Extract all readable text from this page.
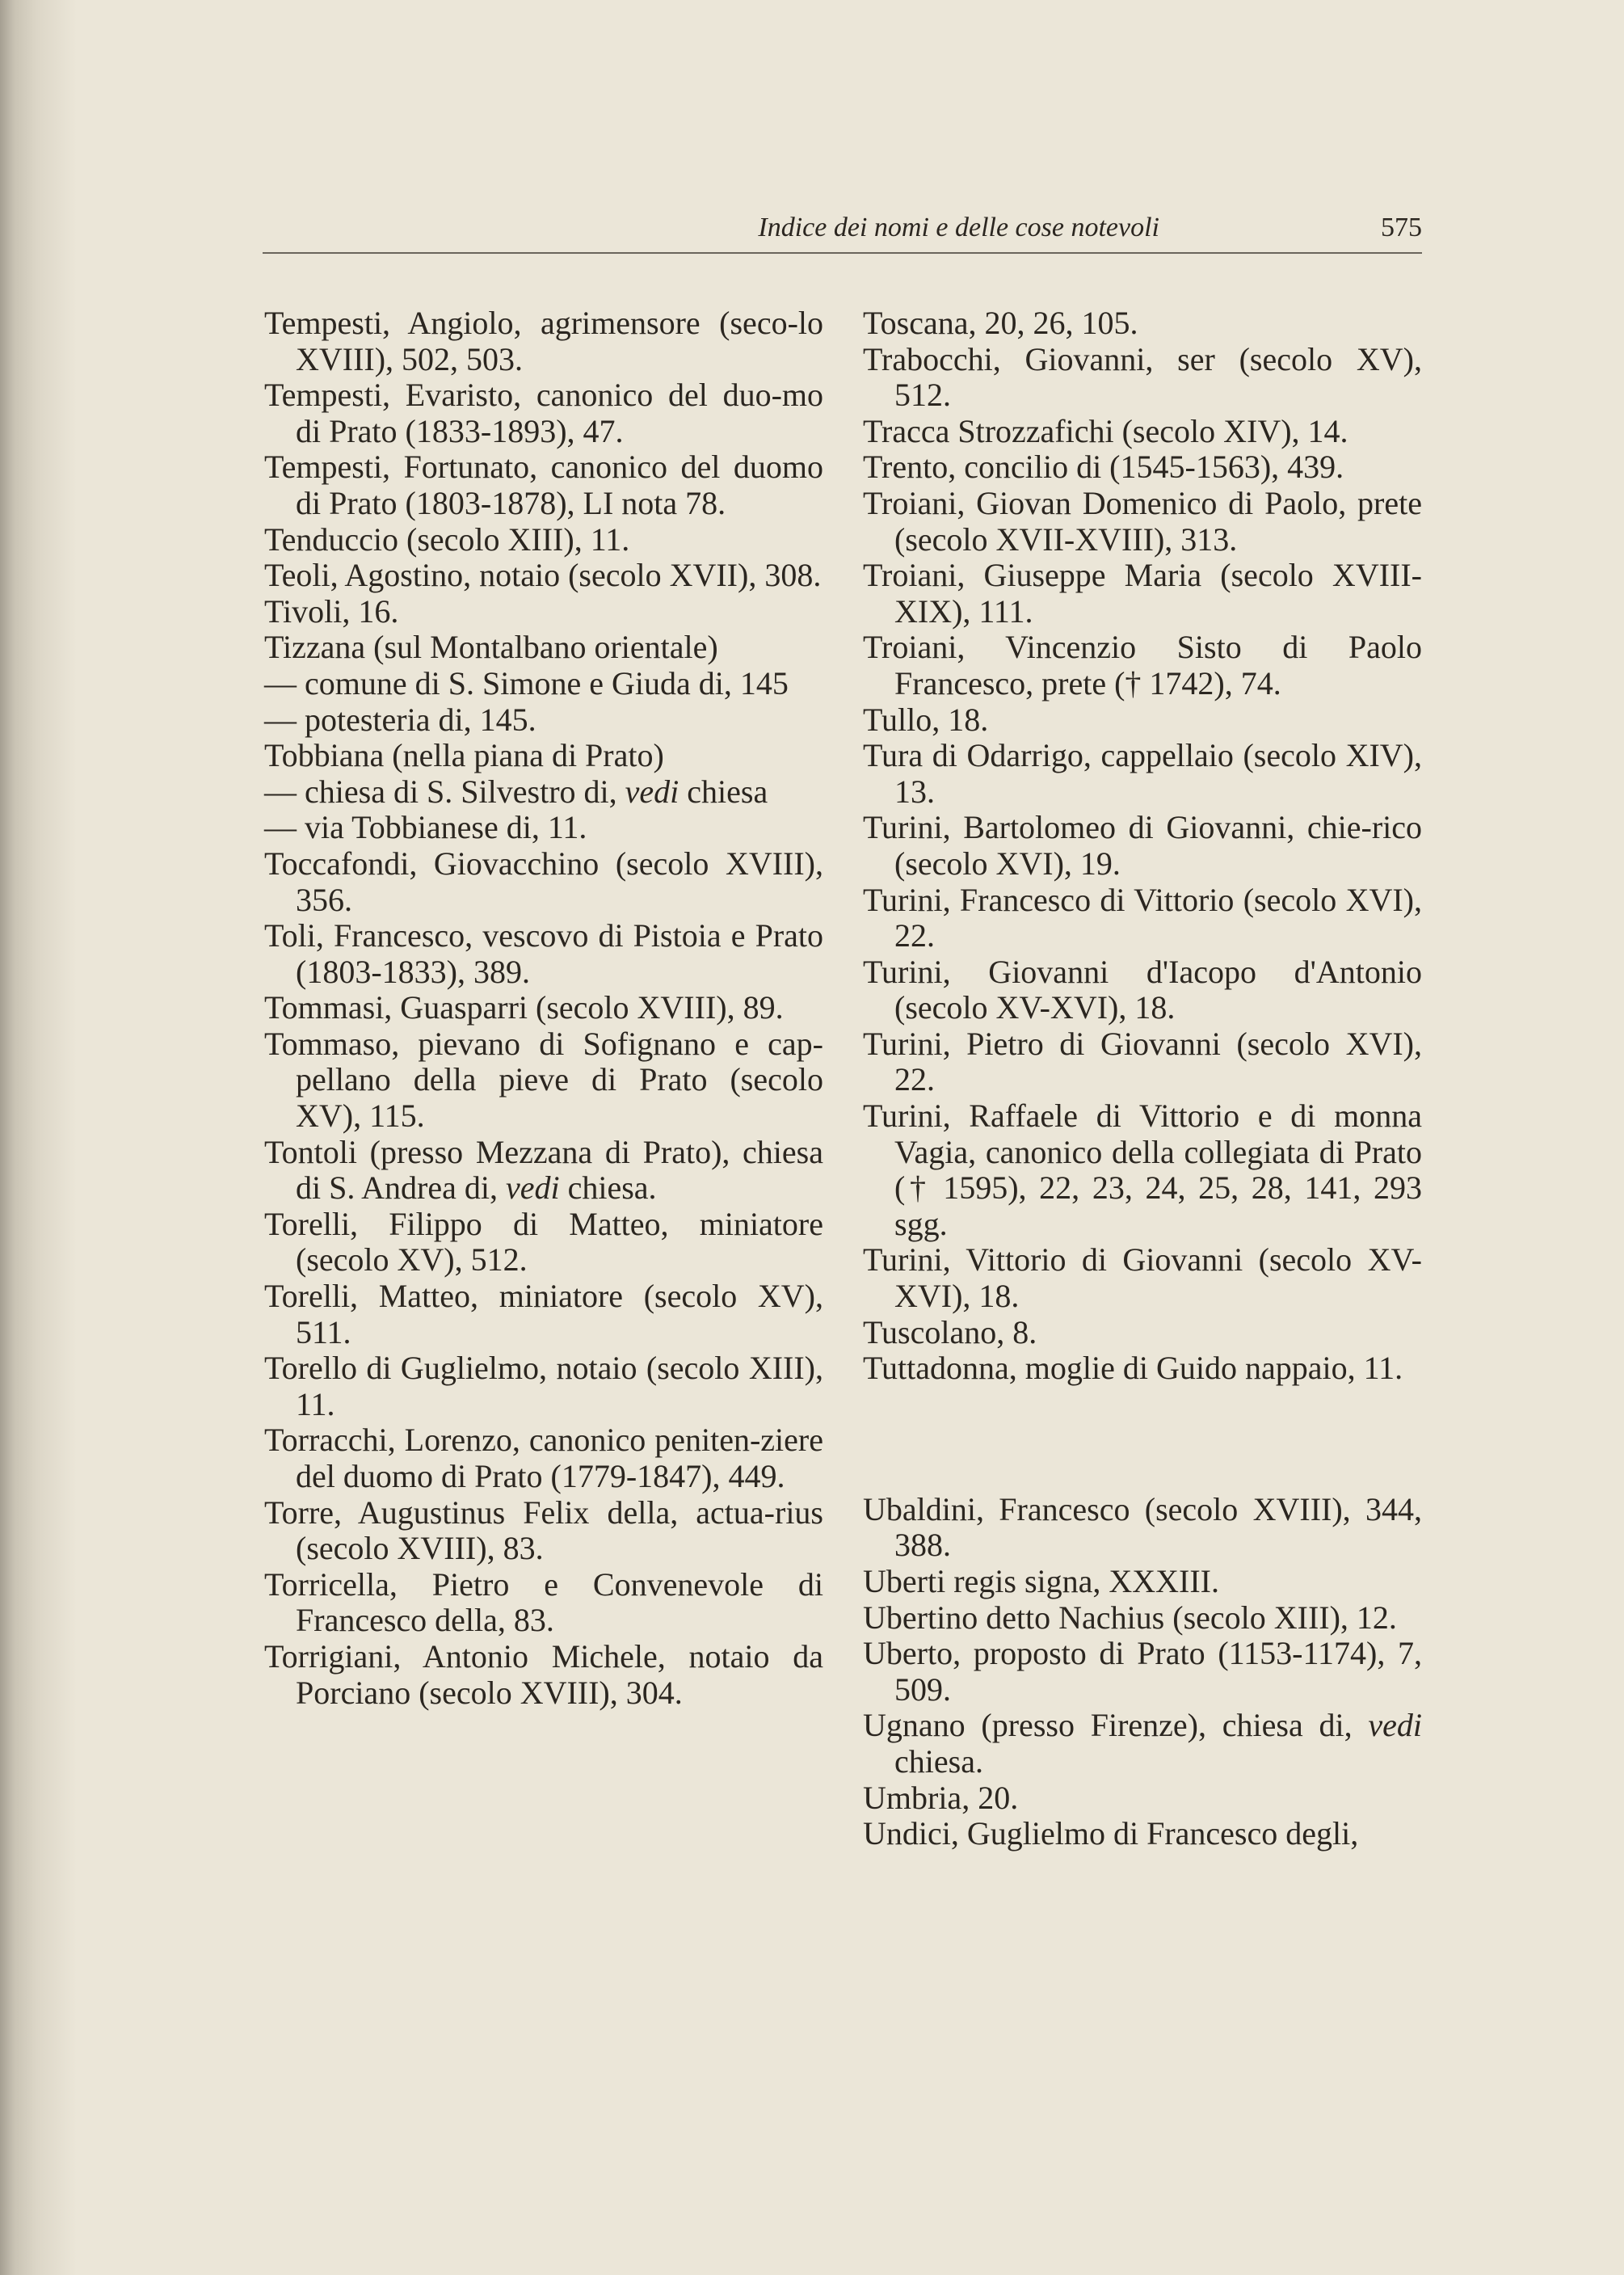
Indice dei nomi e delle cose notevoli	575

Tempesti, Angiolo, agrimensore (seco-lo XVIII), 502, 503.

Tempesti, Evaristo, canonico del duo-mo di Prato (1833-1893), 47.

Tempesti, Fortunato, canonico del duomo di Prato (1803-1878), LI nota 78.

Tenduccio (secolo XIII), 11.

Teoli, Agostino, notaio (secolo XVII), 308.

Tivoli, 16.

Tizzana (sul Montalbano orientale)

— comune di S. Simone e Giuda di, 145

— potesteria di, 145.

Tobbiana (nella piana di Prato)

— chiesa di S. Silvestro di, vedi chiesa

— via Tobbianese di, 11.

Toccafondi, Giovacchino (secolo XVIII), 356.

Toli, Francesco, vescovo di Pistoia e Prato (1803-1833), 389.

Tommasi, Guasparri (secolo XVIII), 89.

Tommaso, pievano di Sofignano e cap-pellano della pieve di Prato (secolo XV), 115.

Tontoli (presso Mezzana di Prato), chiesa di S. Andrea di, vedi chiesa.

Torelli, Filippo di Matteo, miniatore (secolo XV), 512.

Torelli, Matteo, miniatore (secolo XV), 511.

Torello di Guglielmo, notaio (secolo XIII), 11.

Torracchi, Lorenzo, canonico peniten-ziere del duomo di Prato (1779-1847), 449.

Torre, Augustinus Felix della, actua-rius (secolo XVIII), 83.

Torricella, Pietro e Convenevole di Francesco della, 83.

Torrigiani, Antonio Michele, notaio da Porciano (secolo XVIII), 304.

Toscana, 20, 26, 105.

Trabocchi, Giovanni, ser (secolo XV), 512.

Tracca Strozzafichi (secolo XIV), 14.

Trento, concilio di (1545-1563), 439.

Troiani, Giovan Domenico di Paolo, prete (secolo XVII-XVIII), 313.

Troiani, Giuseppe Maria (secolo XVIII-XIX), 111.

Troiani, Vincenzio Sisto di Paolo Francesco, prete († 1742), 74.

Tullo, 18.

Tura di Odarrigo, cappellaio (secolo XIV), 13.

Turini, Bartolomeo di Giovanni, chie-rico (secolo XVI), 19.

Turini, Francesco di Vittorio (secolo XVI), 22.

Turini, Giovanni d'Iacopo d'Antonio (secolo XV-XVI), 18.

Turini, Pietro di Giovanni (secolo XVI), 22.

Turini, Raffaele di Vittorio e di monna Vagia, canonico della collegiata di Prato († 1595), 22, 23, 24, 25, 28, 141, 293 sgg.

Turini, Vittorio di Giovanni (secolo XV-XVI), 18.

Tuscolano, 8.

Tuttadonna, moglie di Guido nappaio, 11.

Ubaldini, Francesco (secolo XVIII), 344, 388.

Uberti regis signa, XXXIII.

Ubertino detto Nachius (secolo XIII), 12.

Uberto, proposto di Prato (1153-1174), 7, 509.

Ugnano (presso Firenze), chiesa di, vedi chiesa.

Umbria, 20.

Undici, Guglielmo di Francesco degli,
